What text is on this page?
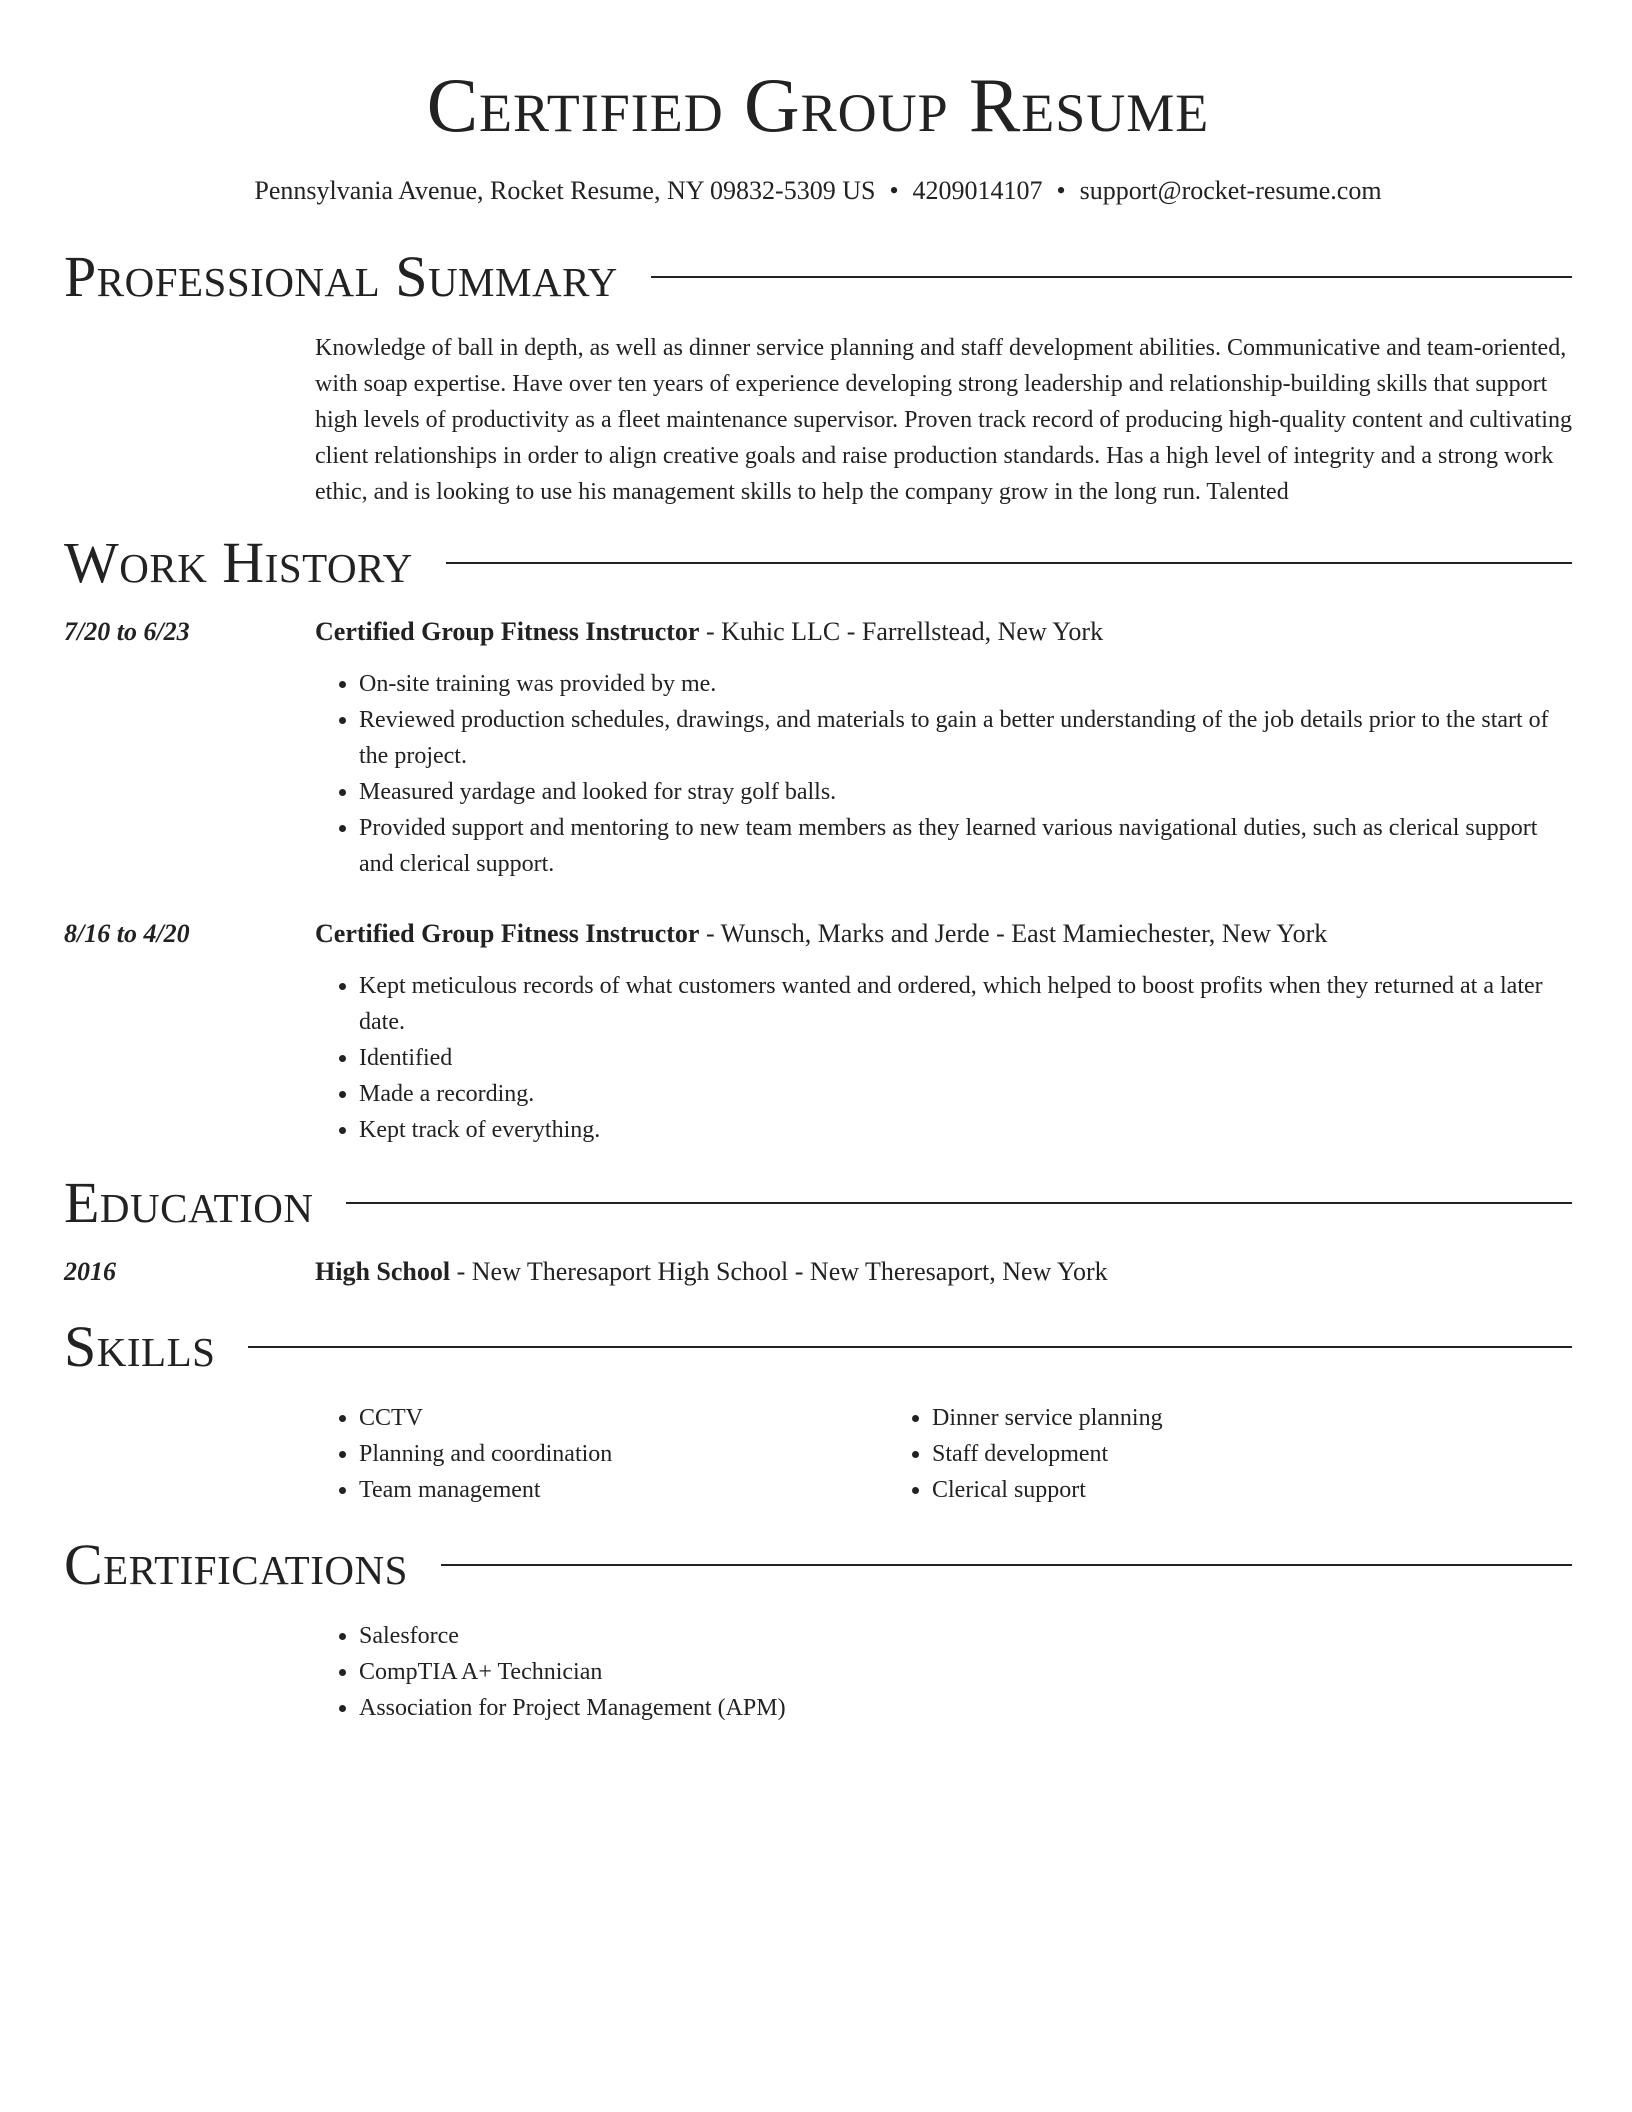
Certified Group Resume
Pennsylvania Avenue, Rocket Resume, NY 09832-5309 US • 4209014107 • support@rocket-resume.com
Professional Summary
Knowledge of ball in depth, as well as dinner service planning and staff development abilities. Communicative and team-oriented, with soap expertise. Have over ten years of experience developing strong leadership and relationship-building skills that support high levels of productivity as a fleet maintenance supervisor. Proven track record of producing high-quality content and cultivating client relationships in order to align creative goals and raise production standards. Has a high level of integrity and a strong work ethic, and is looking to use his management skills to help the company grow in the long run. Talented
Work History
7/20 to 6/23	Certified Group Fitness Instructor - Kuhic LLC - Farrellstead, New York
• On-site training was provided by me.
• Reviewed production schedules, drawings, and materials to gain a better understanding of the job details prior to the start of the project.
• Measured yardage and looked for stray golf balls.
• Provided support and mentoring to new team members as they learned various navigational duties, such as clerical support and clerical support.
8/16 to 4/20	Certified Group Fitness Instructor - Wunsch, Marks and Jerde - East Mamiechester, New York
• Kept meticulous records of what customers wanted and ordered, which helped to boost profits when they returned at a later date.
• Identified
• Made a recording.
• Kept track of everything.
Education
2016	High School - New Theresaport High School - New Theresaport, New York
Skills
• CCTV
• Planning and coordination
• Team management
• Dinner service planning
• Staff development
• Clerical support
Certifications
• Salesforce
• CompTIA A+ Technician
• Association for Project Management (APM)
